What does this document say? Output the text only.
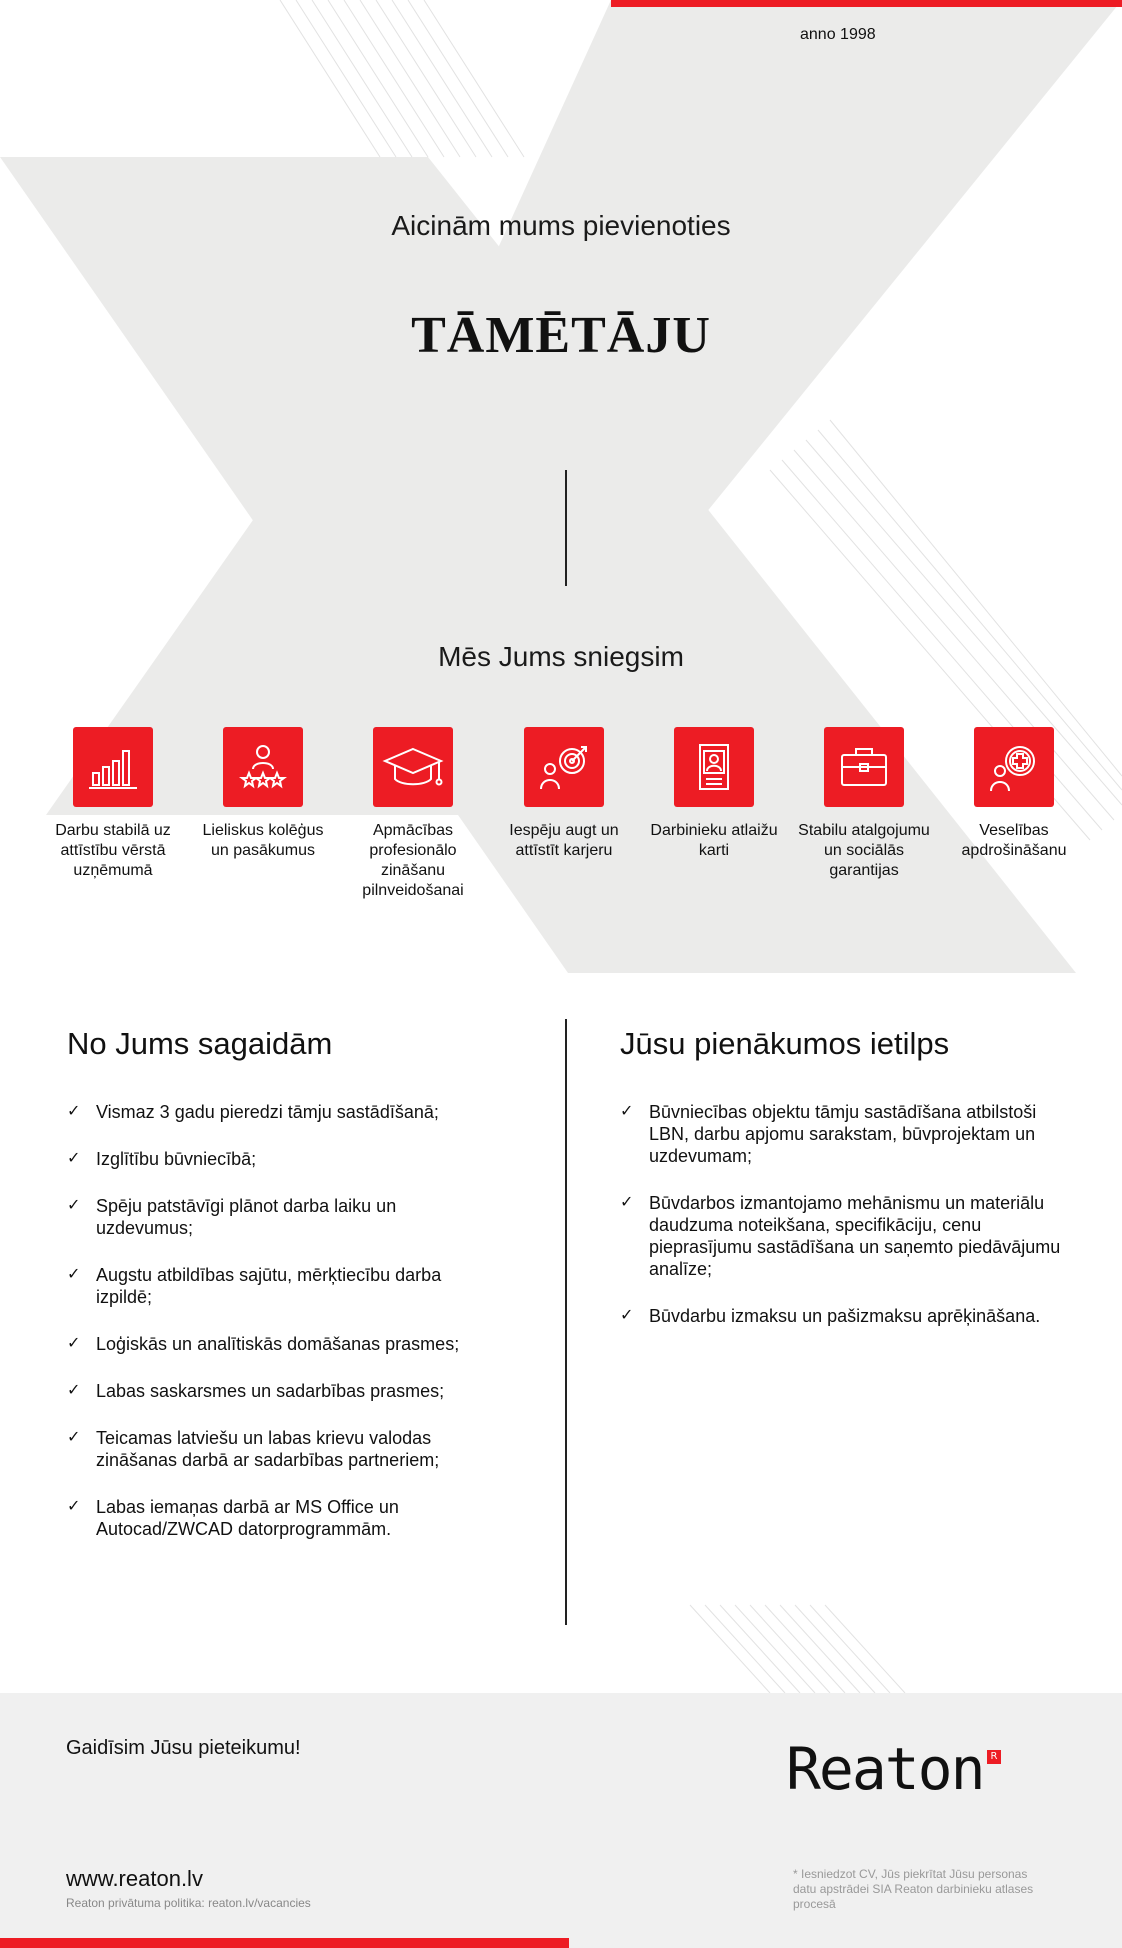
anno 1998
Aicinām mums pievienoties
TĀMĒTĀJU
Mēs Jums sniegsim
Darbu stabilā uz attīstību vērstā uzņēmumā
Lieliskus kolēģus un pasākumus
Apmācības profesionālo zināšanu pilnveidošanai
Iespēju augt un attīstīt karjeru
Darbinieku atlaižu karti
Stabilu atalgojumu un sociālās garantijas
Veselības apdrošināšanu
No Jums sagaidām
✓ Vismaz 3 gadu pieredzi tāmju sastādīšanā;
✓ Izglītību būvniecībā;
✓ Spēju patstāvīgi plānot darba laiku un uzdevumus;
✓ Augstu atbildības sajūtu, mērķtiecību darba izpildē;
✓ Loģiskās un analītiskās domāšanas prasmes;
✓ Labas saskarsmes un sadarbības prasmes;
✓ Teicamas latviešu un labas krievu valodas zināšanas darbā ar sadarbības partneriem;
✓ Labas iemaņas darbā ar MS Office un Autocad/ZWCAD datorprogrammām.
Jūsu pienākumos ietilps
✓ Būvniecības objektu tāmju sastādīšana atbilstoši LBN, darbu apjomu sarakstam, būvprojektam un uzdevumam;
✓ Būvdarbos izmantojamo mehānismu un materiālu daudzuma noteikšana, specifikāciju, cenu pieprasījumu sastādīšana un saņemto piedāvājumu analīze;
✓ Būvdarbu izmaksu un pašizmaksu aprēķināšana.
Gaidīsim Jūsu pieteikumu!	Reaton R
www.reaton.lv
Reaton privātuma politika: reaton.lv/vacancies
* Iesniedzot CV, Jūs piekrītat Jūsu personas datu apstrādei SIA Reaton darbinieku atlases procesā
